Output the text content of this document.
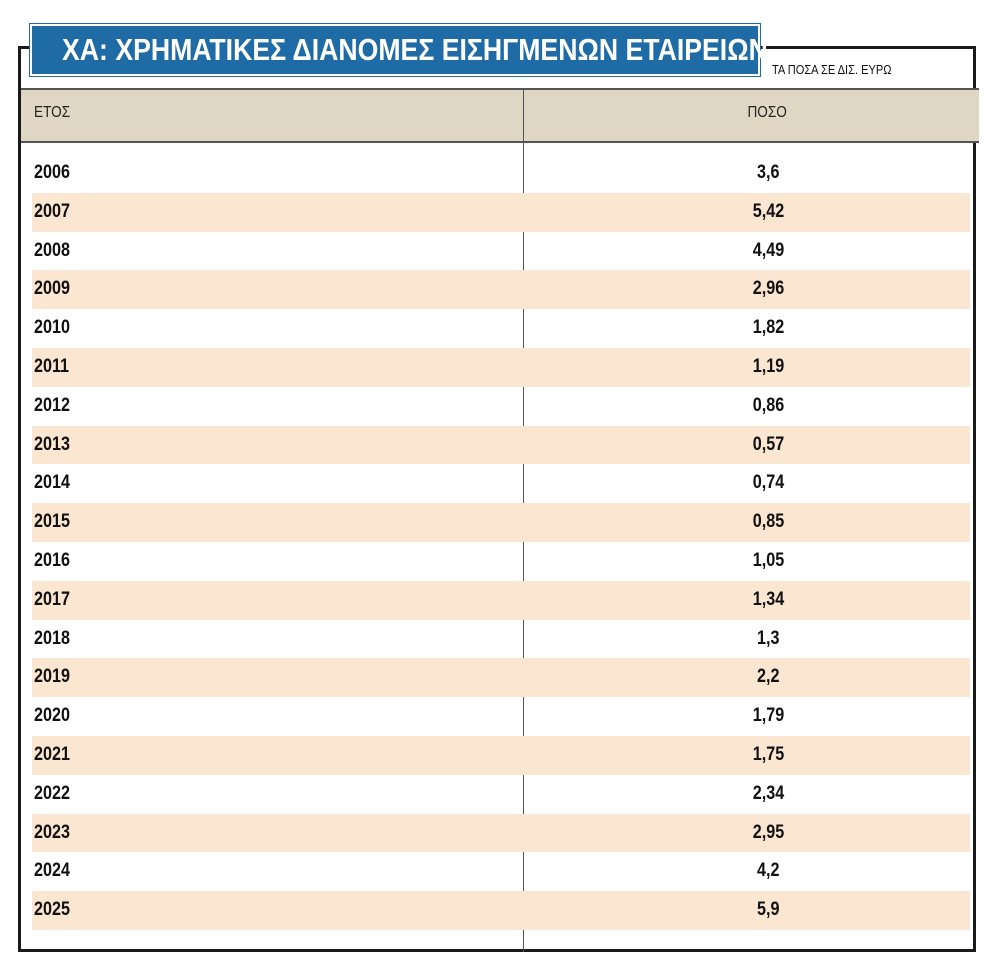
ΧΑ: ΧΡΗΜΑΤΙΚΕΣ ΔΙΑΝΟΜΕΣ ΕΙΣΗΓΜΕΝΩΝ ΕΤΑΙΡΕΙΩΝ
ΤΑ ΠΟΣΑ ΣΕ ΔΙΣ. ΕΥΡΩ
ΕΤΟΣ	ΠΟΣΟ
2006	3,6
2007	5,42
2008	4,49
2009	2,96
2010	1,82
2011	1,19
2012	0,86
2013	0,57
2014	0,74
2015	0,85
2016	1,05
2017	1,34
2018	1,3
2019	2,2
2020	1,79
2021	1,75
2022	2,34
2023	2,95
2024	4,2
2025	5,9
